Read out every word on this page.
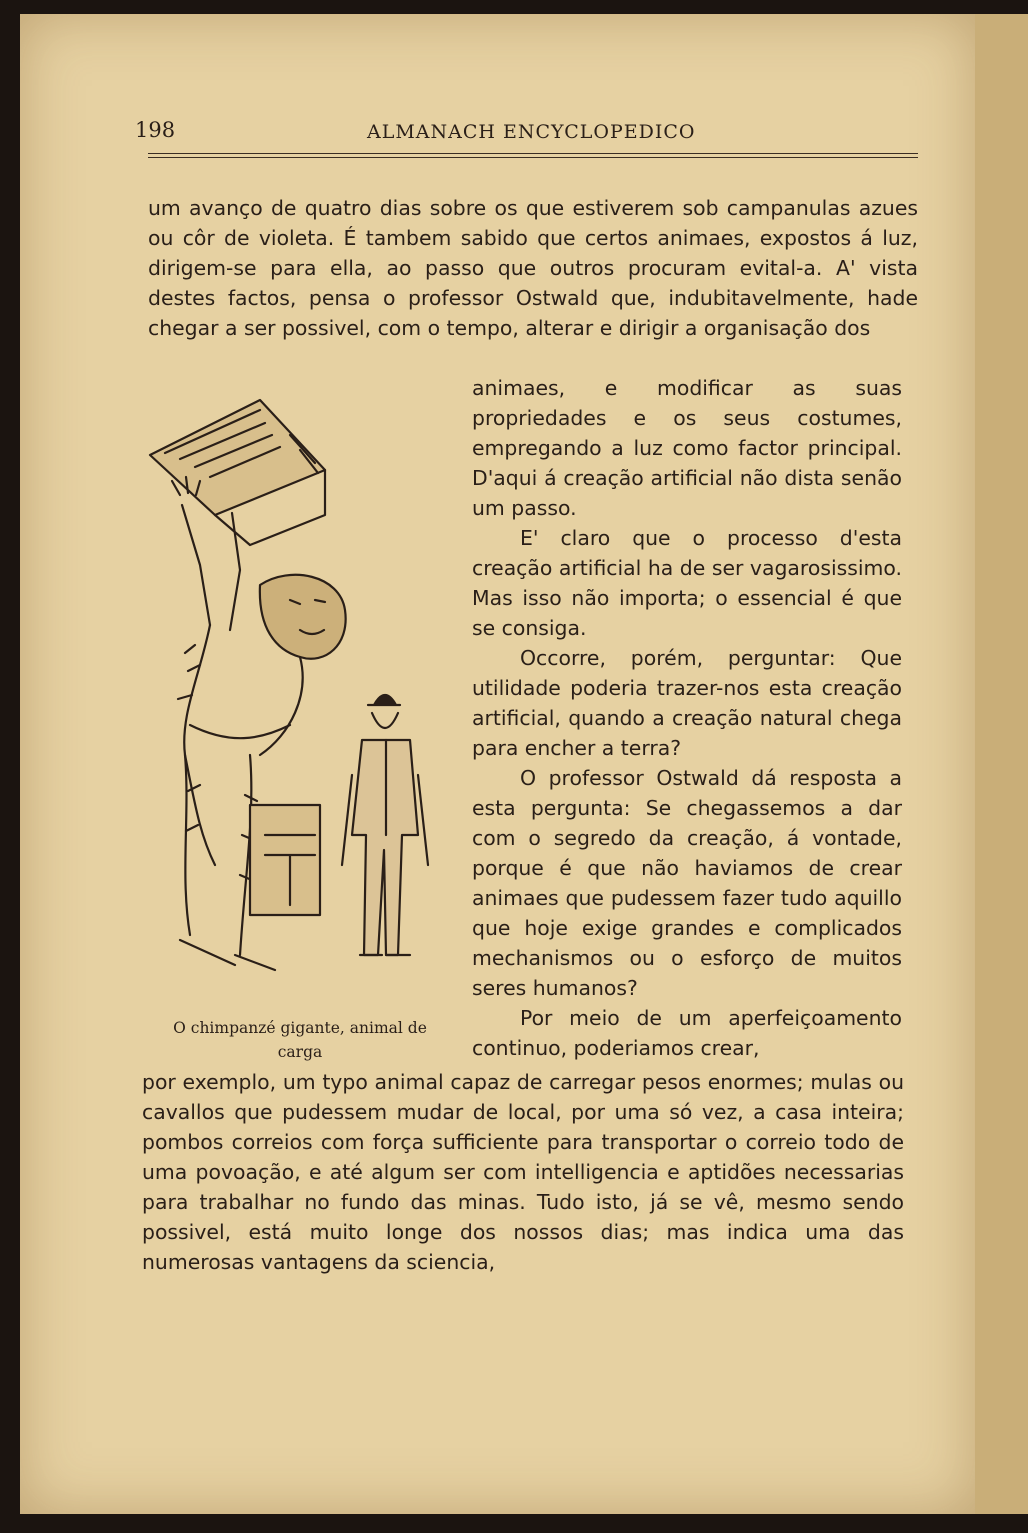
198	ALMANACH ENCYCLOPEDICO

um avanço de quatro dias sobre os que estiverem sob campanulas azues ou côr de violeta. É tambem sabido que certos animaes, expostos á luz, dirigem-se para ella, ao passo que outros procuram evital-a. A' vista destes factos, pensa o professor Ostwald que, indubitavelmente, hade chegar a ser possivel, com o tempo, alterar e dirigir a organisação dos

animaes, e modificar as suas propriedades e os seus costumes, empregando a luz como factor principal. D'aqui á creação artificial não dista senão um passo.

E' claro que o processo d'esta creação artificial ha de ser vagarosissimo. Mas isso não importa; o essencial é que se consiga.

Occorre, porém, perguntar: Que utilidade poderia trazer-nos esta creação artificial, quando a creação natural chega para encher a terra?

O professor Ostwald dá resposta a esta pergunta: Se chegassemos a dar com o segredo da creação, á vontade, porque é que não haviamos de crear animaes que pudessem fazer tudo aquillo que hoje exige grandes e complicados mechanismos ou o esforço de muitos seres humanos?

Por meio de um aperfeiçoamento continuo, poderiamos crear,

por exemplo, um typo animal capaz de carregar pesos enormes; mulas ou cavallos que pudessem mudar de local, por uma só vez, a casa inteira; pombos correios com força sufficiente para transportar o correio todo de uma povoação, e até algum ser com intelligencia e aptidões necessarias para trabalhar no fundo das minas. Tudo isto, já se vê, mesmo sendo possivel, está muito longe dos nossos dias; mas indica uma das numerosas vantagens da sciencia,

O chimpanzé gigante, animal de carga
